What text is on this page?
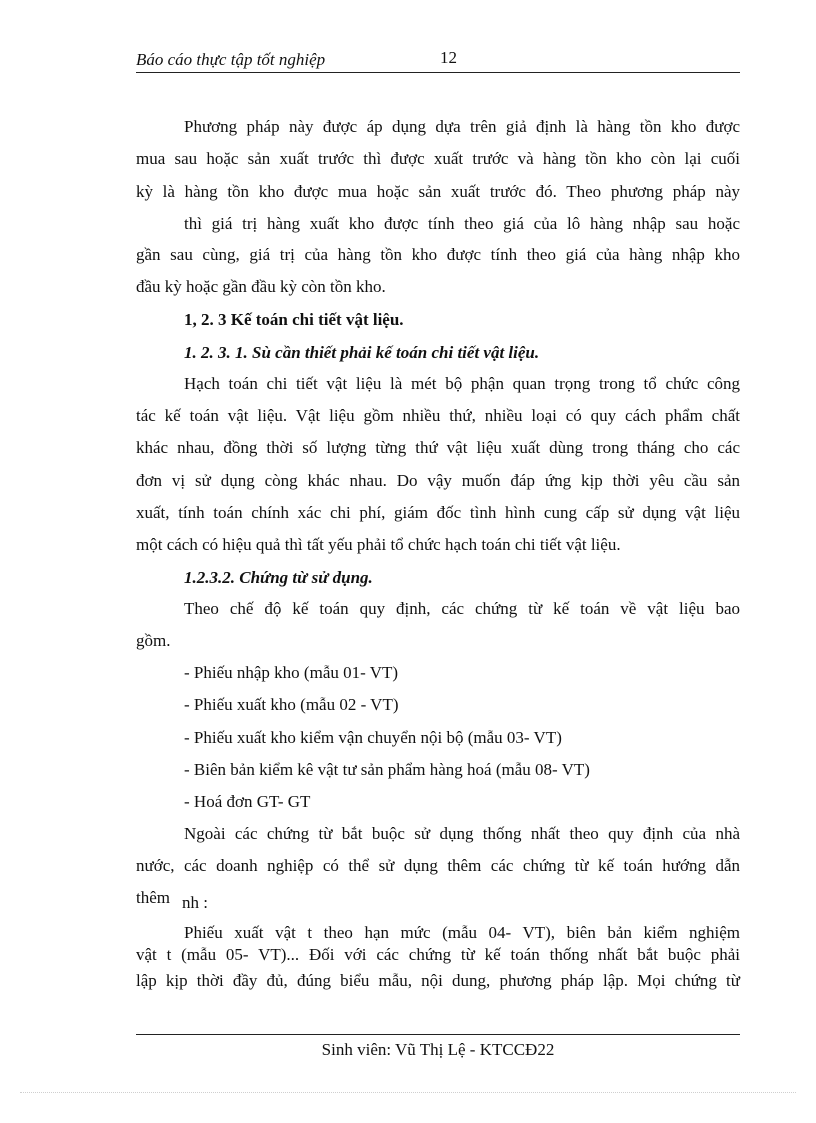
Báo cáo thực tập tốt nghiệp	12
Phương pháp này được áp dụng dựa trên giả định là hàng tồn kho được
mua sau hoặc sản xuất trước thì được xuất trước và hàng tồn kho còn lại cuối
kỳ là hàng tồn kho được mua hoặc sản xuất trước đó. Theo phương pháp này
thì giá trị hàng xuất kho được tính theo giá của lô hàng nhập sau hoặc
gần sau cùng, giá trị của hàng tồn kho được tính theo giá của hàng nhập kho
đầu kỳ hoặc gần đầu kỳ còn tồn kho.
1, 2. 3 Kế toán chi tiết vật liệu.
1. 2. 3. 1. Sù cần thiết phải kế toán chi tiết vật liệu.
Hạch toán chi tiết vật liệu là mét bộ phận quan trọng trong tổ chức công
tác kế toán vật liệu. Vật liệu gồm nhiều thứ, nhiều loại có quy cách phẩm chất
khác nhau, đồng thời số lượng từng thứ vật liệu xuất dùng trong tháng cho các
đơn vị sử dụng còng khác nhau. Do vậy muốn đáp ứng kịp thời yêu cầu sản
xuất, tính toán chính xác chi phí, giám đốc tình hình cung cấp sử dụng vật liệu
một cách có hiệu quả thì tất yếu phải tổ chức hạch toán chi tiết vật liệu.
1.2.3.2. Chứng từ sử dụng.
Theo chế độ kế toán quy định, các chứng từ kế toán về vật liệu bao
gồm.
- Phiếu nhập kho (mẫu 01- VT)
- Phiếu xuất kho (mẫu 02 - VT)
- Phiếu xuất kho kiểm vận chuyển nội bộ (mẫu 03- VT)
- Biên bản kiểm kê vật tư sản phẩm hàng hoá (mẫu 08- VT)
- Hoá đơn GT- GT
Ngoài các chứng từ bắt buộc sử dụng thống nhất theo quy định của nhà
nước, các doanh nghiệp có thể sử dụng thêm các chứng từ kế toán hướng dẫn
thêm nh :
Phiếu xuất vật t theo hạn mức (mẫu 04- VT), biên bản kiểm nghiệm
vật t (mẫu 05- VT)... Đối với các chứng từ kế toán thống nhất bắt buộc phải
lập kịp thời đầy đủ, đúng biểu mẫu, nội dung, phương pháp lập. Mọi chứng từ
Sinh viên: Vũ Thị Lệ - KTCCĐ22
